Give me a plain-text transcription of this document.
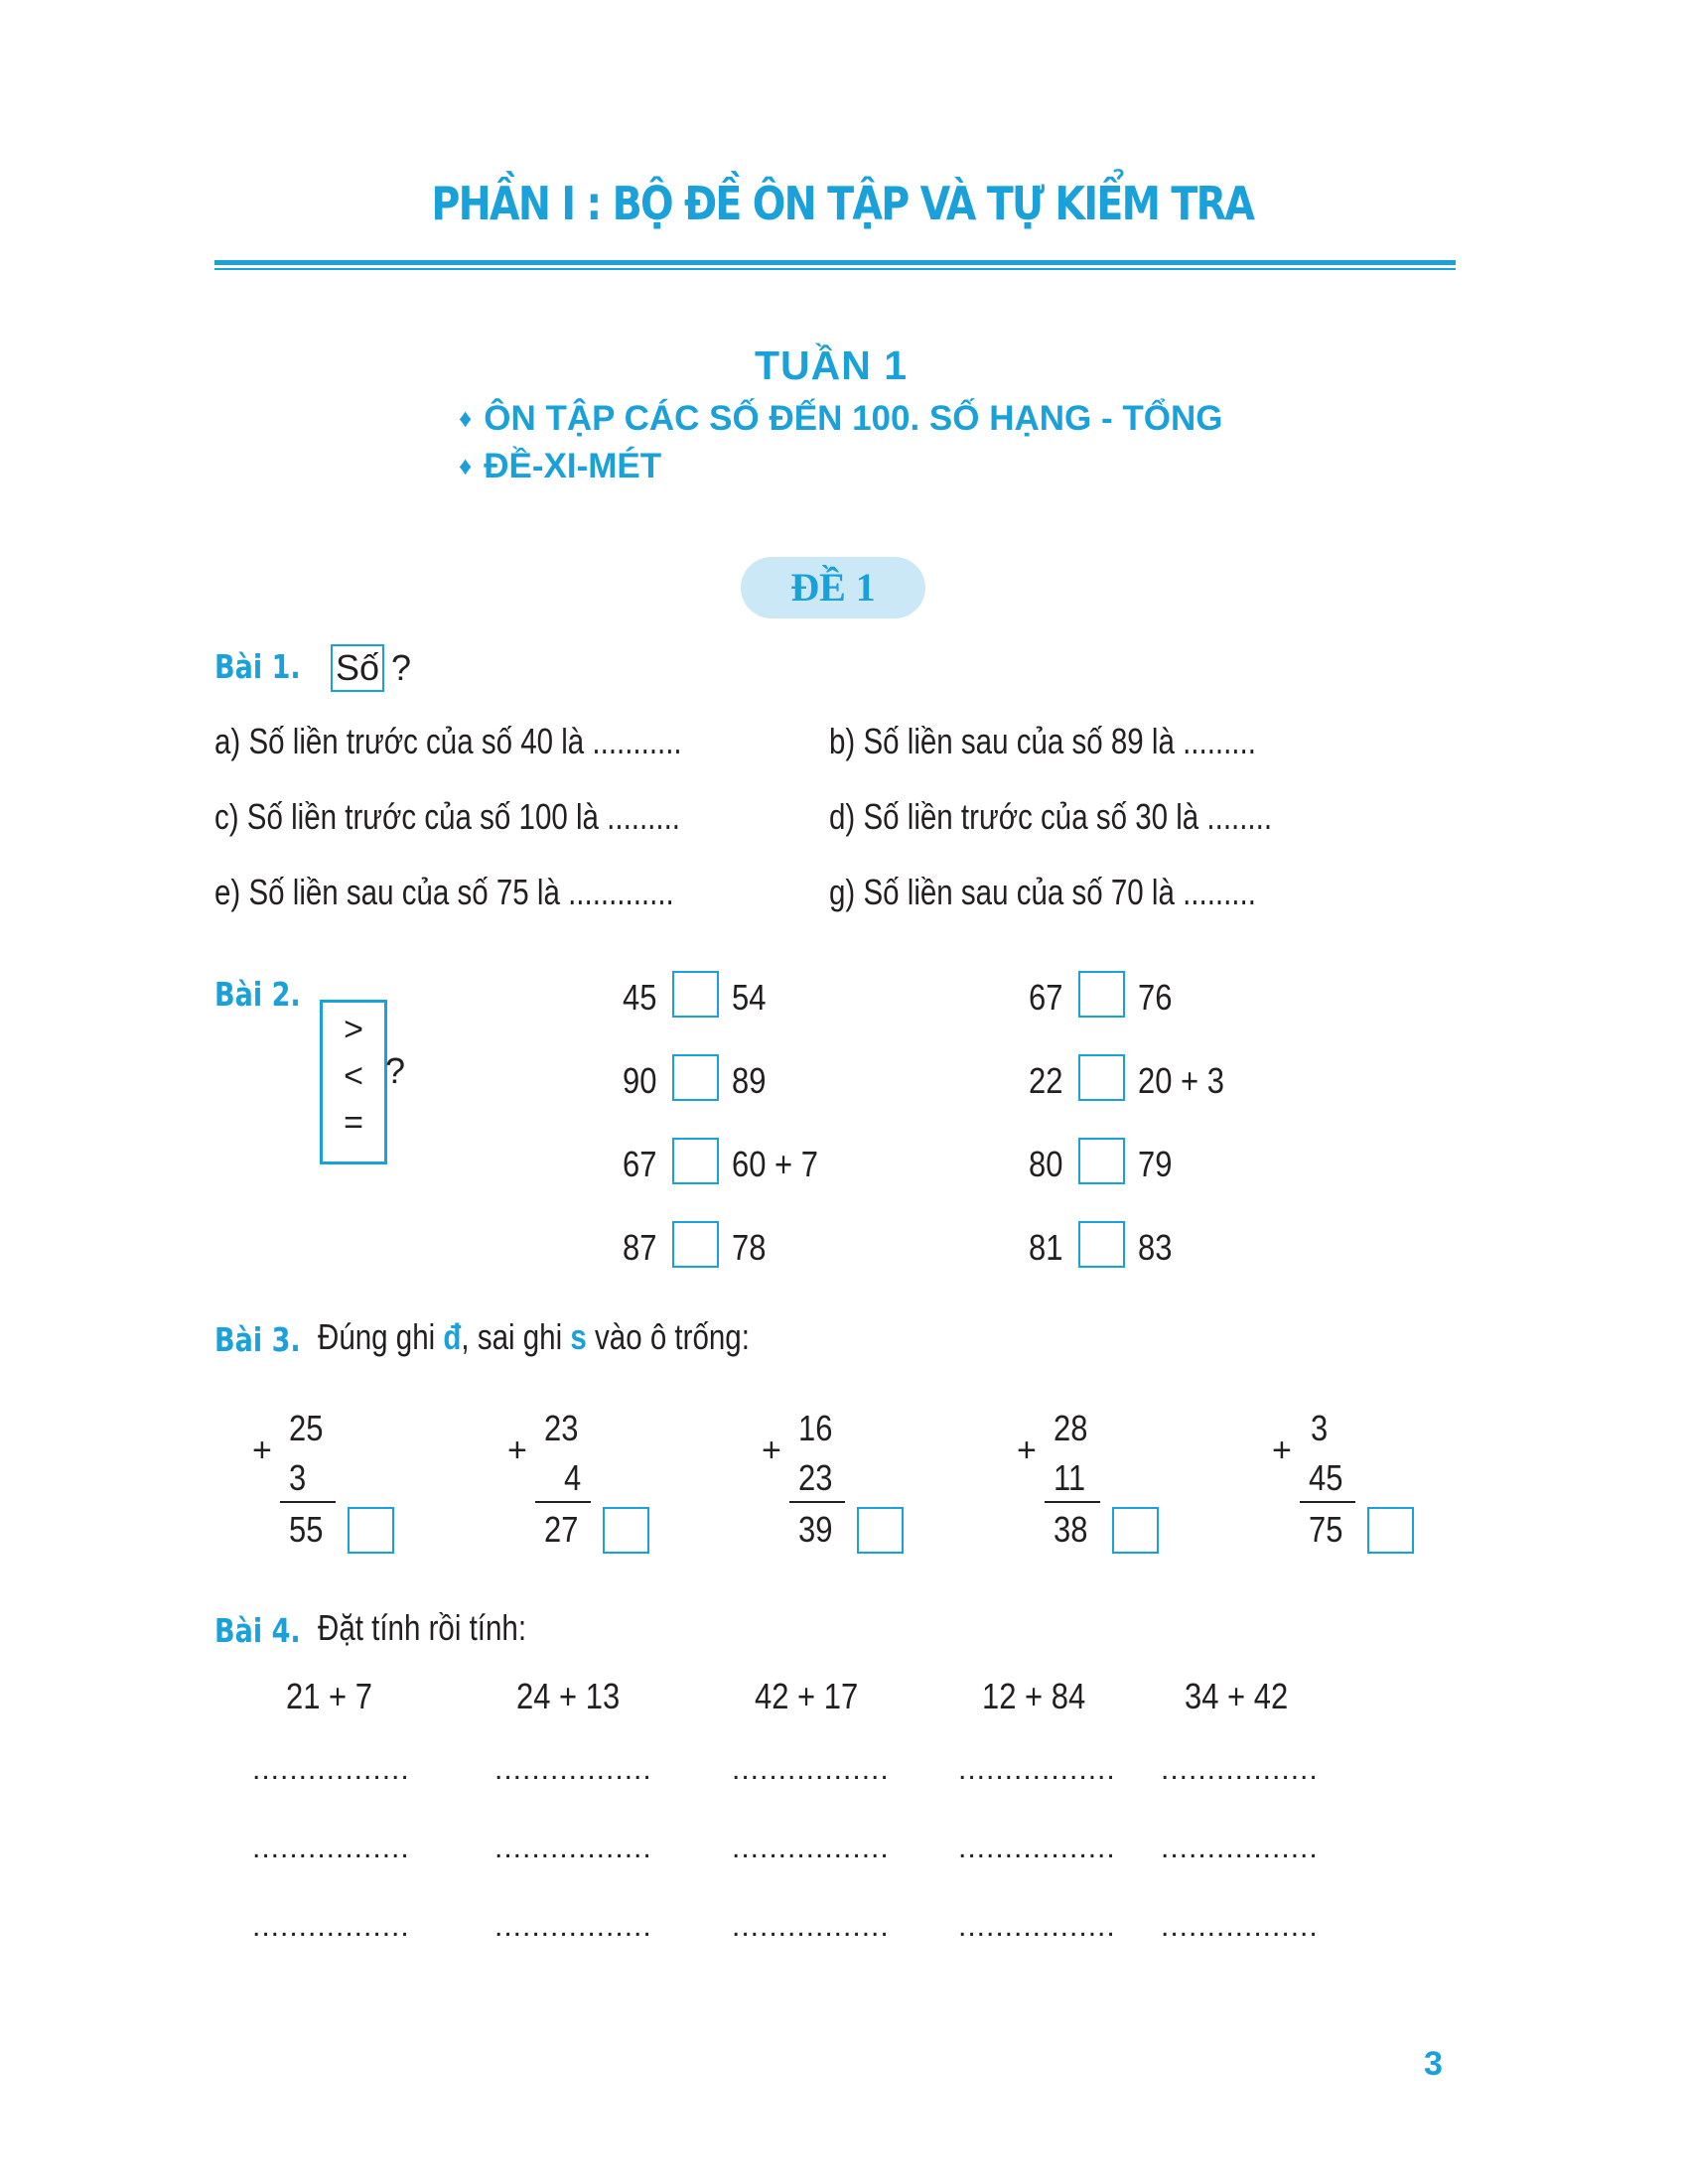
PHẦN I : BỘ ĐỀ ÔN TẬP VÀ TỰ KIỂM TRA
TUẦN 1
♦ ÔN TẬP CÁC SỐ ĐẾN 100. SỐ HẠNG - TỔNG
♦ ĐỀ-XI-MÉT
ĐỀ 1
Bài 1. Số ?
a) Số liền trước của số 40 là ...........	b) Số liền sau của số 89 là .........
c) Số liền trước của số 100 là .........	d) Số liền trước của số 30 là ........
e) Số liền sau của số 75 là .............	g) Số liền sau của số 70 là .........
Bài 2.
>
<
=
?
45 54
90 89
67 60 + 7
87 78
67 76
22 20 + 3
80 79
81 83
Bài 3. Đúng ghi đ, sai ghi s vào ô trống:
25
+
3
55
23
+
4
27
16
+
23
39
28
+
11
38
3
+
45
75
Bài 4. Đặt tính rồi tính:
21 + 7	24 + 13	42 + 17	12 + 84	34 + 42
.................	.................	................. ................. .................
.................	.................	................. ................. .................
.................	.................	................. ................. .................
3
